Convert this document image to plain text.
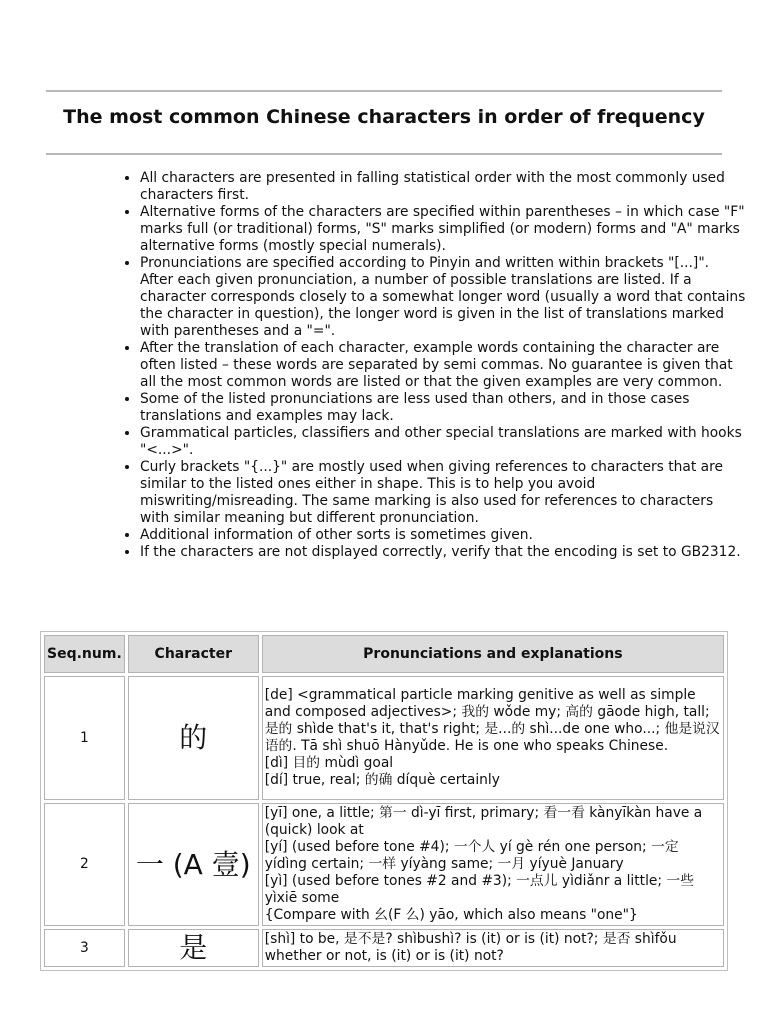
The most common Chinese characters in order of frequency
• All characters are presented in falling statistical order with the most commonly used characters first.
• Alternative forms of the characters are specified within parentheses – in which case "F" marks full (or traditional) forms, "S" marks simplified (or modern) forms and "A" marks alternative forms (mostly special numerals).
• Pronunciations are specified according to Pinyin and written within brackets "[...]". After each given pronunciation, a number of possible translations are listed. If a character corresponds closely to a somewhat longer word (usually a word that contains the character in question), the longer word is given in the list of translations marked with parentheses and a "=".
• After the translation of each character, example words containing the character are often listed – these words are separated by semi commas. No guarantee is given that all the most common words are listed or that the given examples are very common.
• Some of the listed pronunciations are less used than others, and in those cases translations and examples may lack.
• Grammatical particles, classifiers and other special translations are marked with hooks "<...>".
• Curly brackets "{...}" are mostly used when giving references to characters that are similar to the listed ones either in shape. This is to help you avoid miswriting/misreading. The same marking is also used for references to characters with similar meaning but different pronunciation.
• Additional information of other sorts is sometimes given.
• If the characters are not displayed correctly, verify that the encoding is set to GB2312.
Seq.num.	Character	Pronunciations and explanations
1	的	[de] <grammatical particle marking genitive as well as simple and composed adjectives>; 我的 wǒde my; 高的 gāode high, tall; 是的 shìde that's it, that's right; 是...的 shì...de one who...; 他是说汉语的. Tā shì shuō Hànyǔde. He is one who speaks Chinese.
[dì] 目的 mùdì goal
[dí] true, real; 的确 díquè certainly

2	一 (A 壹)	[yī] one, a little; 第一 dì-yī first, primary; 看一看 kànyīkàn have a (quick) look at
[yí] (used before tone #4); 一个人 yí gè rén one person; 一定 yídìng certain; 一样 yíyàng same; 一月 yíyuè January
[yì] (used before tones #2 and #3); 一点儿 yìdiǎnr a little; 一些 yìxiē some
{Compare with 幺(F 么) yāo, which also means "one"}

3	是	[shì] to be, 是不是? shìbushì? is (it) or is (it) not?; 是否 shìfǒu whether or not, is (it) or is (it) not?
